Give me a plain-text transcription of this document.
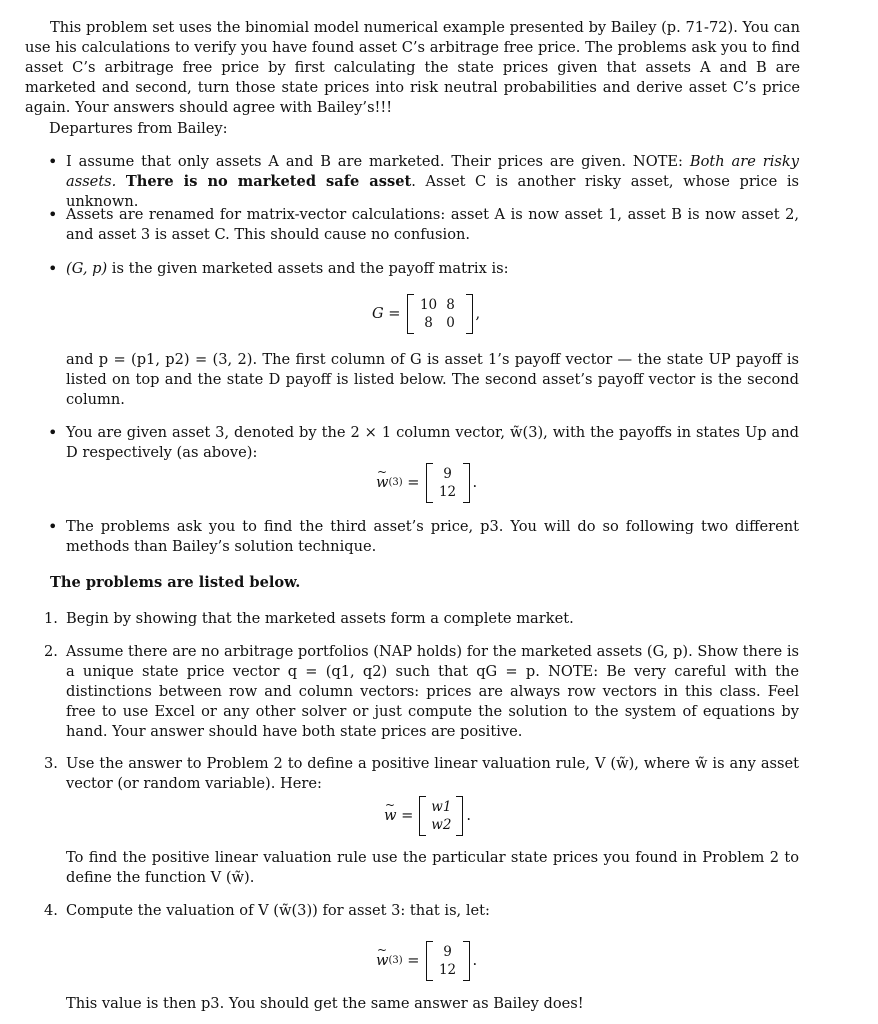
This problem set uses the binomial model numerical example presented by Bailey (p. 71-72). You can use his calculations to verify you have found asset C’s arbitrage free price. The problems ask you to find asset C’s arbitrage free price by first calculating the state prices given that assets A and B are marketed and second, turn those state prices into risk neutral probabilities and derive asset C’s price again. Your answers should agree with Bailey’s!!!
Departures from Bailey:
• I assume that only assets A and B are marketed. Their prices are given. NOTE: Both are risky assets. There is no marketed safe asset. Asset C is another risky asset, whose price is unknown.
• Assets are renamed for matrix-vector calculations: asset A is now asset 1, asset B is now asset 2, and asset 3 is asset C. This should cause no confusion.
• (G, p) is the given marketed assets and the payoff matrix is:
G = 10 8
8 0
,
and p = (p1, p2) = (3, 2). The first column of G is asset 1’s payoff vector — the state UP payoff is listed on top and the state D payoff is listed below. The second asset’s payoff vector is the second column.
• You are given asset 3, denoted by the 2 × 1 column vector, w̃(3), with the payoffs in states Up and D respectively (as above):
~ w (3) =	9
12
.
• The problems ask you to find the third asset’s price, p3. You will do so following two different methods than Bailey’s solution technique.
The problems are listed below.
1. Begin by showing that the marketed assets form a complete market.
2. Assume there are no arbitrage portfolios (NAP holds) for the marketed assets (G, p). Show there is a unique state price vector q = (q1, q2) such that qG = p. NOTE: Be very careful with the distinctions between row and column vectors: prices are always row vectors in this class. Feel free to use Excel or any other solver or just compute the solution to the system of equations by hand. Your answer should have both state prices are positive.
3. Use the answer to Problem 2 to define a positive linear valuation rule, V (w̃), where w̃ is any asset vector (or random variable). Here:
~ w = w1
w2
.
To find the positive linear valuation rule use the particular state prices you found in Problem 2 to define the function V (w̃).
4. Compute the valuation of V (w̃(3)) for asset 3: that is, let:
~ w (3) =	9
12
.
This value is then p3. You should get the same answer as Bailey does!
